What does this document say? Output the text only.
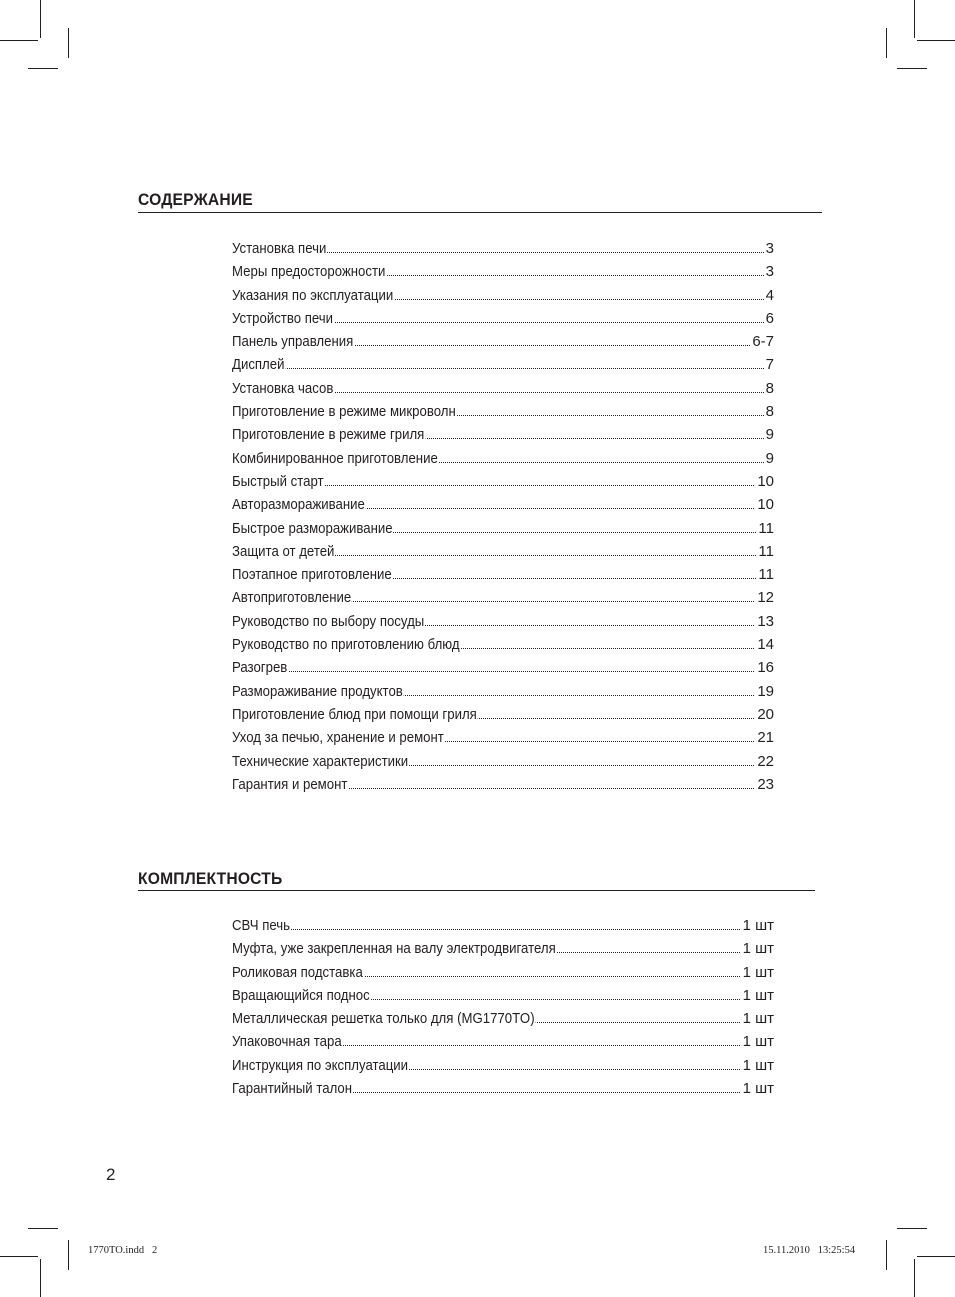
СОДЕРЖАНИЕ
Установка печи	3
Меры предосторожности	3
Указания по эксплуатации	4
Устройство печи	6
Панель управления	6-7
Дисплей	7
Установка часов	8
Приготовление в режиме микроволн	8
Приготовление в режиме гриля	9
Комбинированное приготовление	9
Быстрый старт	10
Авторазмораживание	10
Быстрое размораживание	11
Защита от детей	11
Поэтапное приготовление	11
Автоприготовление	12
Руководство по выбору посуды	13
Руководство по приготовлению блюд	14
Разогрев	16
Размораживание продуктов	19
Приготовление блюд при помощи гриля	20
Уход за печью, хранение и ремонт	21
Технические характеристики	22
Гарантия и ремонт	23
КОМПЛЕКТНОСТЬ
СВЧ печь	1 шт
Муфта, уже закрепленная на валу электродвигателя	1 шт
Роликовая подставка	1 шт
Вращающийся поднос	1 шт
Металлическая решетка только для (MG1770TO)	1 шт
Упаковочная тара	1 шт
Инструкция по эксплуатации	1 шт
Гарантийный талон	1 шт
2
1770TO.indd   2	15.11.2010   13:25:54
